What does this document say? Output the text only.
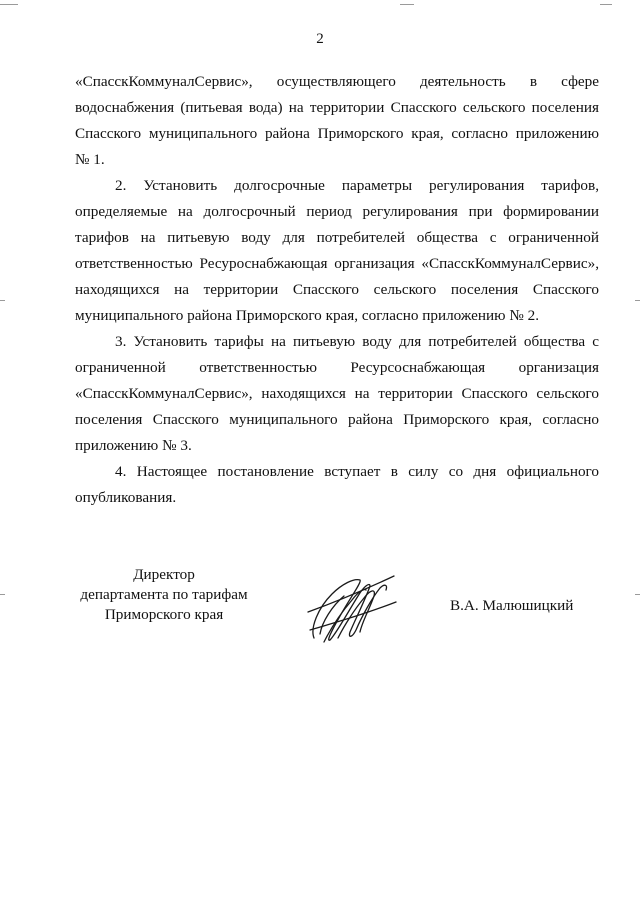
2

«СпасскКоммуналСервис», осуществляющего деятельность в сфере
водоснабжения (питьевая вода) на территории Спасского сельского поселения
Спасского муниципального района Приморского края, согласно приложению
№ 1.

2. Установить долгосрочные параметры регулирования тарифов,
определяемые на долгосрочный период регулирования при формировании
тарифов на питьевую воду для потребителей общества с ограниченной
ответственностью Ресуроснабжающая организация «СпасскКоммуналСервис»,
находящихся на территории Спасского сельского поселения Спасского
муниципального района Приморского края, согласно приложению № 2.

3. Установить тарифы на питьевую воду для потребителей общества с
ограниченной ответственностью Ресурсоснабжающая организация
«СпасскКоммуналСервис», находящихся на территории Спасского сельского
поселения Спасского муниципального района Приморского края, согласно
приложению № 3.

4. Настоящее постановление вступает в силу со дня официального
опубликования.

Директор
департамента по тарифам
Приморского края
В.А. Малюшицкий
